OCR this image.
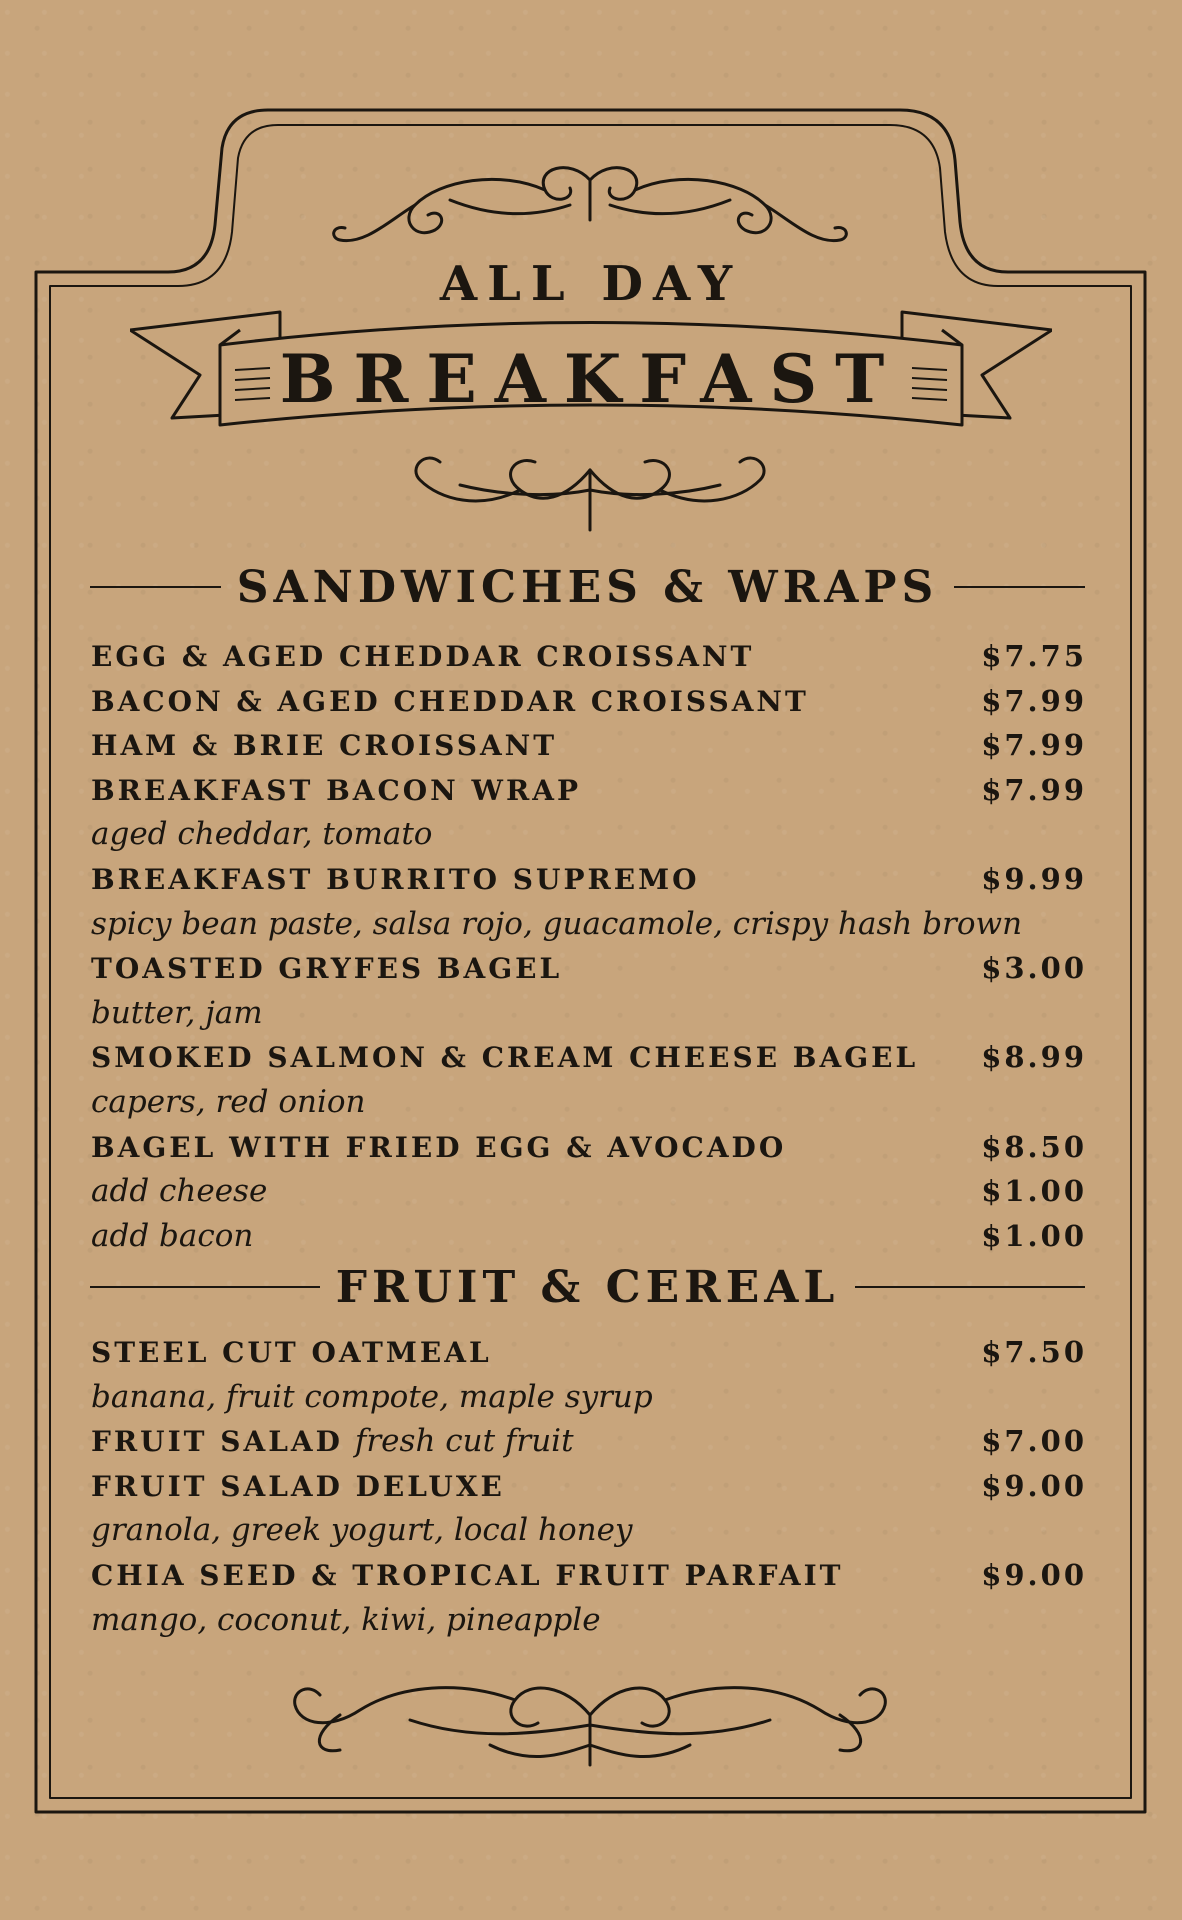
ALL DAY
BREAKFAST
SANDWICHES & WRAPS
EGG & AGED CHEDDAR CROISSANT	$7.75
BACON & AGED CHEDDAR CROISSANT	$7.99
HAM & BRIE CROISSANT	$7.99
BREAKFAST BACON WRAP	$7.99
aged cheddar, tomato
BREAKFAST BURRITO SUPREMO	$9.99
spicy bean paste, salsa rojo, guacamole, crispy hash brown
TOASTED GRYFES BAGEL	$3.00
butter, jam
SMOKED SALMON & CREAM CHEESE BAGEL $8.99
capers, red onion
BAGEL WITH FRIED EGG & AVOCADO	$8.50
add cheese	$1.00
add bacon	$1.00
FRUIT & CEREAL
STEEL CUT OATMEAL	$7.50
banana, fruit compote, maple syrup
FRUIT SALAD fresh cut fruit	$7.00
FRUIT SALAD DELUXE	$9.00
granola, greek yogurt, local honey
CHIA SEED & TROPICAL FRUIT PARFAIT	$9.00
mango, coconut, kiwi, pineapple
